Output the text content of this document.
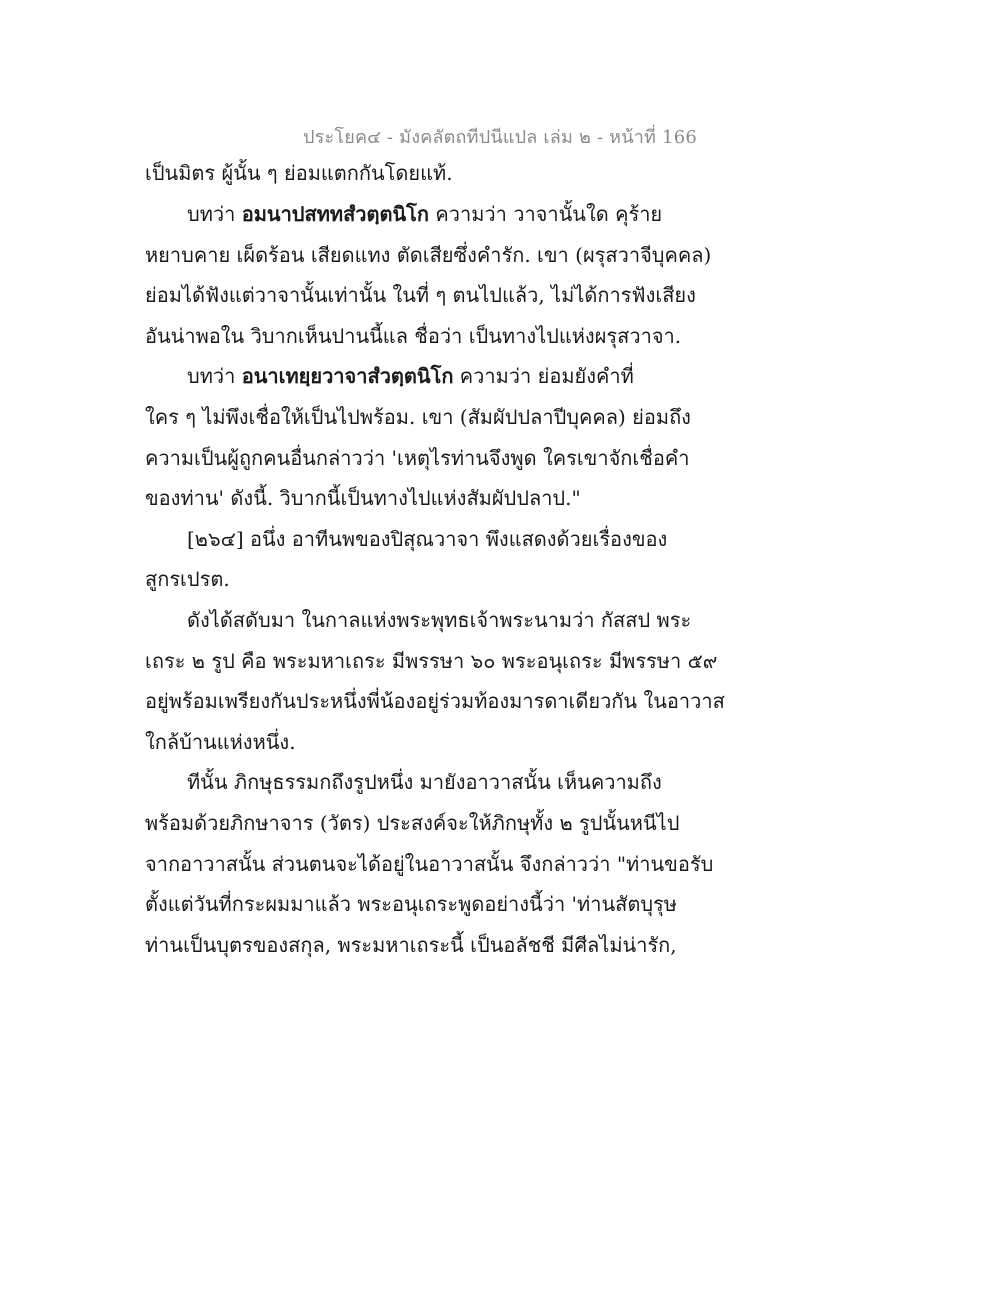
ประโยค๔ - มังคลัตถทีปนีแปล เล่ม ๒ - หน้าที่ 166
เป็นมิตร ผู้นั้น ๆ ย่อมแตกกันโดยแท้.
บทว่า อมนาปสททสํวตฺตนิโก ความว่า วาจานั้นใด คุร้าย
หยาบคาย เผ็ดร้อน เสียดแทง ตัดเสียซึ่งคำรัก. เขา (ผรุสวาจีบุคคล)
ย่อมได้ฟังแต่วาจานั้นเท่านั้น ในที่ ๆ ตนไปแล้ว, ไม่ได้การฟังเสียง
อันน่าพอใน วิบากเห็นปานนี้แล ชื่อว่า เป็นทางไปแห่งผรุสวาจา.
บทว่า อนาเทยฺยวาจาสํวตฺตนิโก ความว่า ย่อมยังคำที่
ใคร ๆ ไม่พึงเชื่อให้เป็นไปพร้อม. เขา (สัมผัปปลาปีบุคคล) ย่อมถึง
ความเป็นผู้ถูกคนอื่นกล่าวว่า 'เหตุไรท่านจึงพูด ใครเขาจักเชื่อคำ
ของท่าน' ดังนี้. วิบากนี้เป็นทางไปแห่งสัมผัปปลาป."
[๒๖๔] อนึ่ง อาทีนพของปิสุณวาจา พึงแสดงด้วยเรื่องของ
สูกรเปรต.
ดังได้สดับมา ในกาลแห่งพระพุทธเจ้าพระนามว่า กัสสป พระ
เถระ ๒ รูป คือ พระมหาเถระ มีพรรษา ๖๐ พระอนุเถระ มีพรรษา ๕๙
อยู่พร้อมเพรียงกันประหนึ่งพี่น้องอยู่ร่วมท้องมารดาเดียวกัน ในอาวาส
ใกล้บ้านแห่งหนึ่ง.
ทีนั้น ภิกษุธรรมกถึงรูปหนึ่ง มายังอาวาสนั้น เห็นความถึง
พร้อมด้วยภิกษาจาร (วัตร) ประสงค์จะให้ภิกษุทั้ง ๒ รูปนั้นหนีไป
จากอาวาสนั้น ส่วนตนจะได้อยู่ในอาวาสนั้น จึงกล่าวว่า "ท่านขอรับ
ตั้งแต่วันที่กระผมมาแล้ว พระอนุเถระพูดอย่างนี้ว่า 'ท่านสัตบุรุษ
ท่านเป็นบุตรของสกุล, พระมหาเถระนี้ เป็นอลัชชี มีศีลไม่น่ารัก,
